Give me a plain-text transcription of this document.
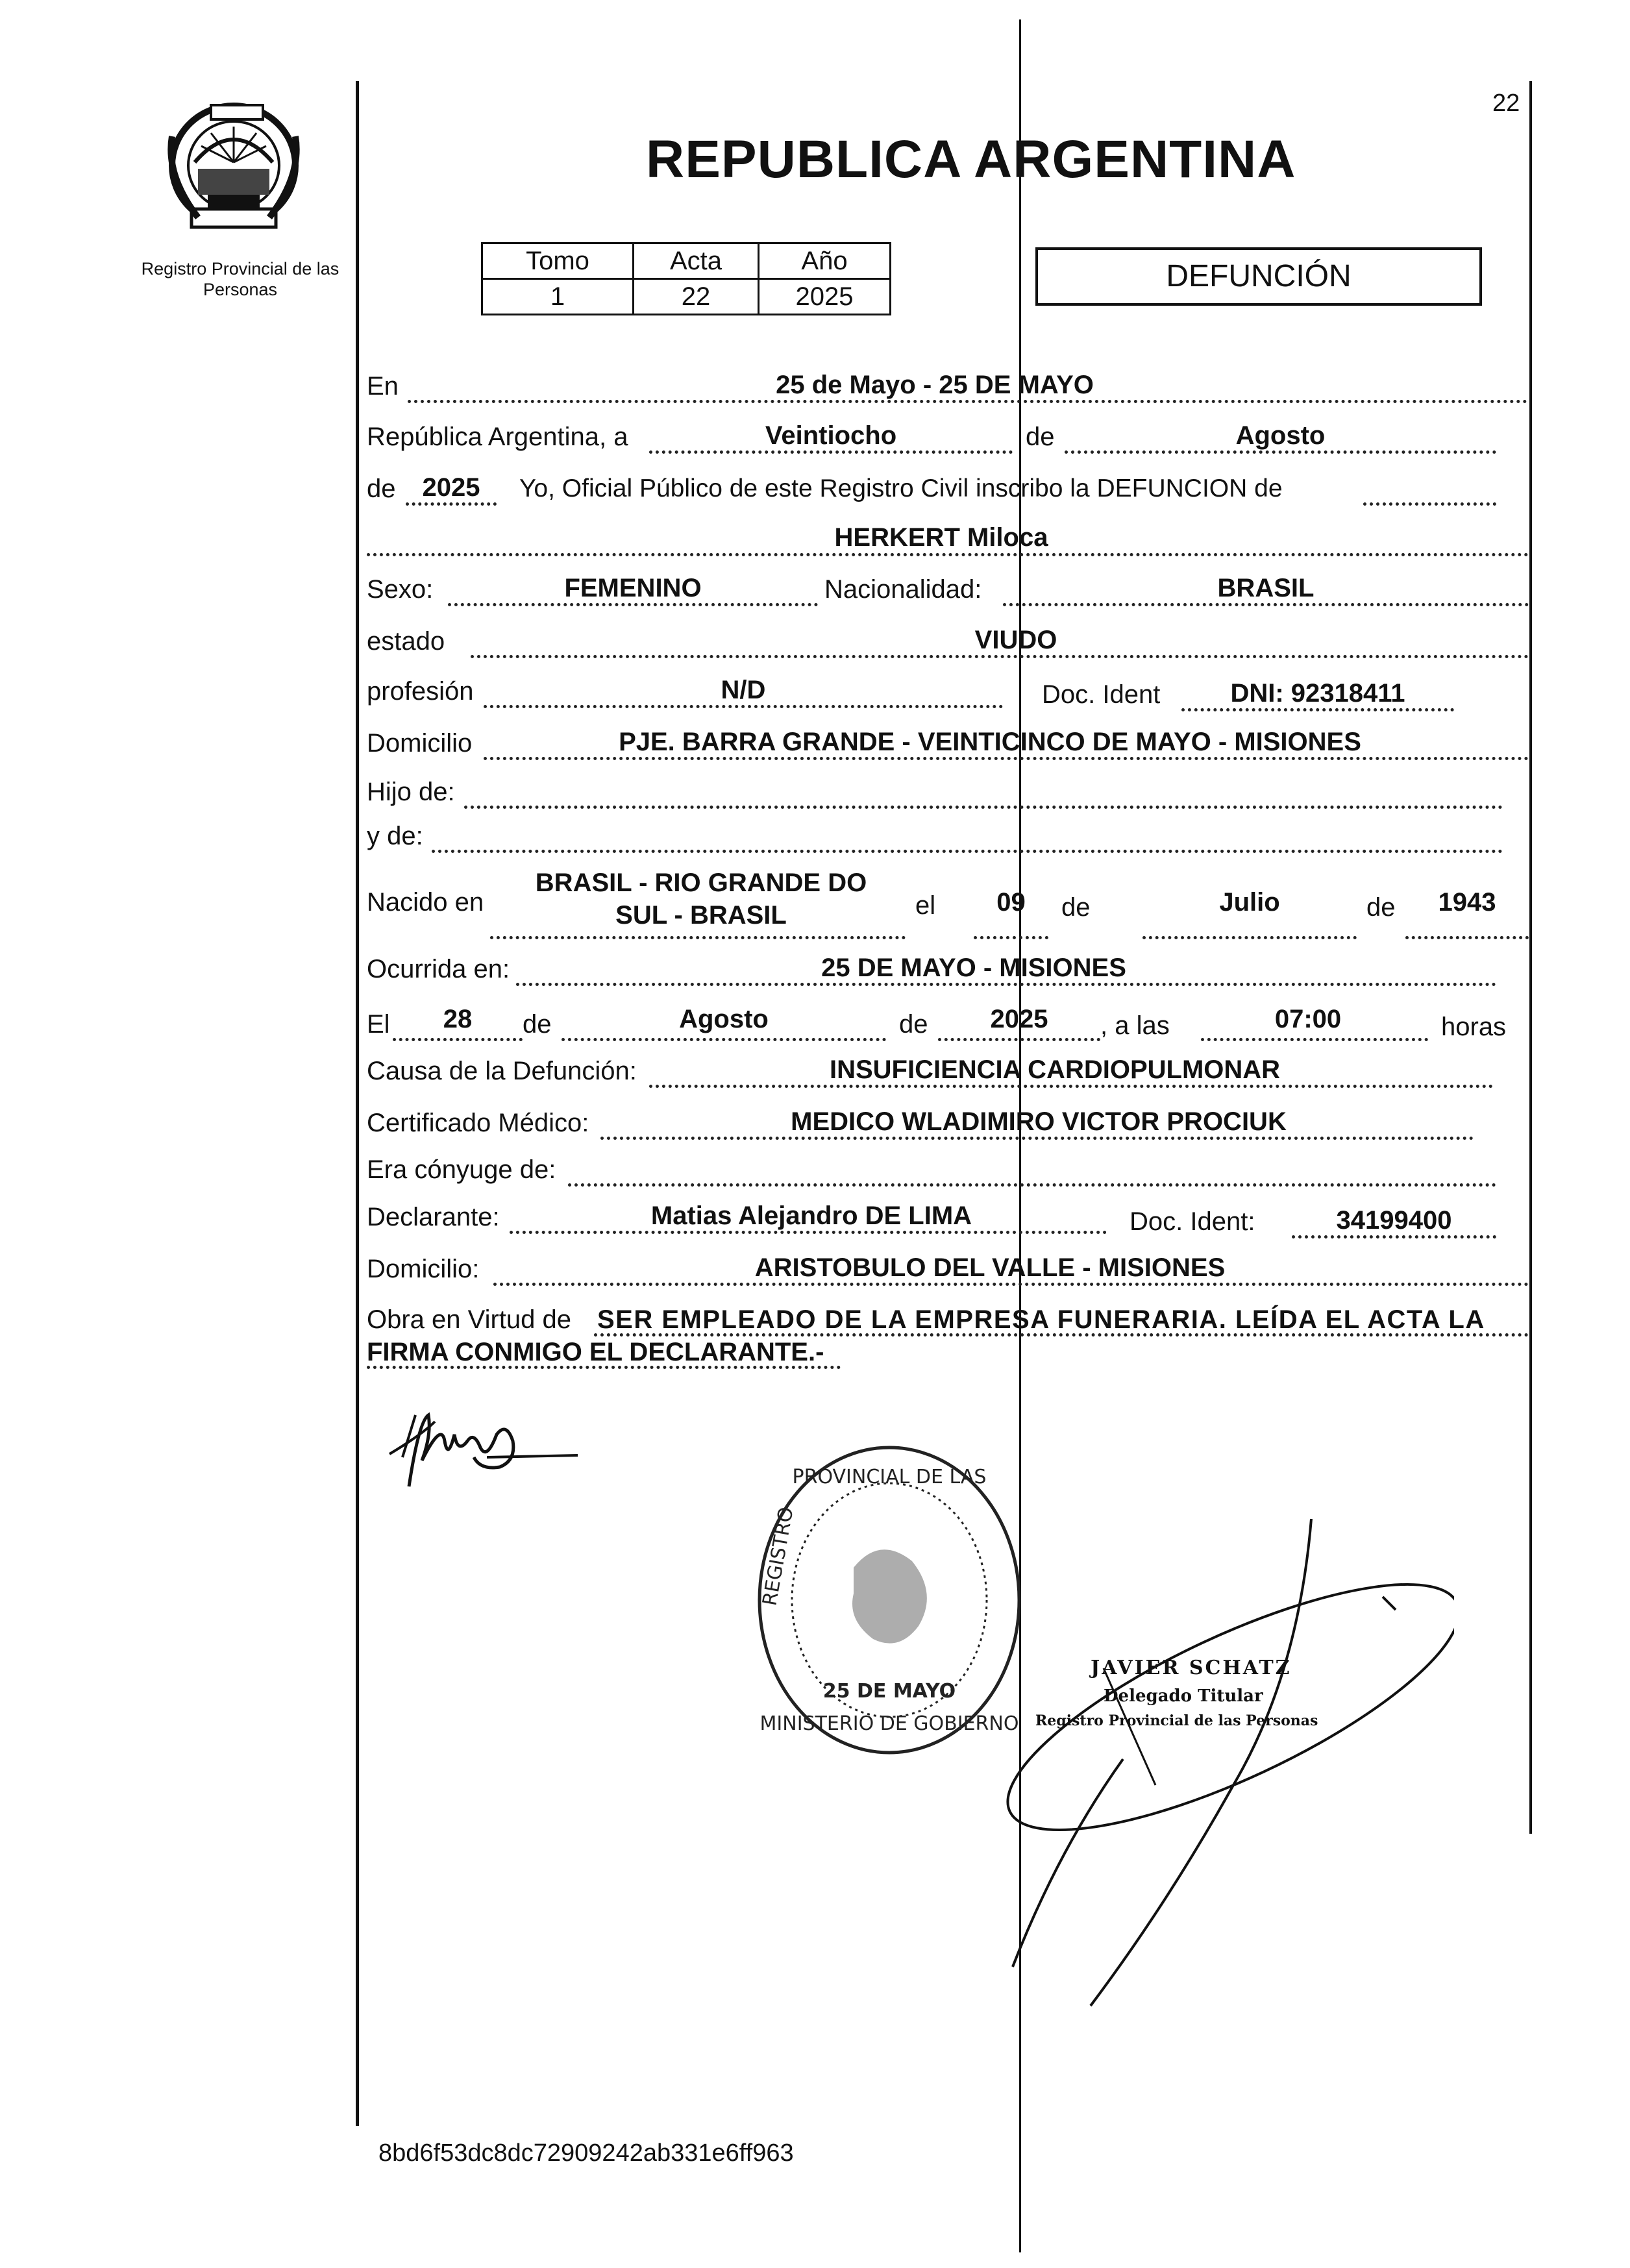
Registro Provincial de las Personas
22
REPUBLICA ARGENTINA
Tomo	Acta	Año
1	22	2025
DEFUNCIÓN
En	25 de Mayo - 25 DE MAYO
República Argentina, a	Veintiocho	de	Agosto
de	2025	Yo, Oficial Público de este Registro Civil inscribo la DEFUNCION de
HERKERT Miloca
Sexo:	FEMENINO	Nacionalidad:	BRASIL
estado	VIUDO
profesión	N/D	Doc. Ident	DNI: 92318411
Domicilio	PJE. BARRA GRANDE - VEINTICINCO DE MAYO - MISIONES
Hijo de:
y de:
Nacido en
BRASIL - RIO GRANDE DO SUL - BRASIL	el	09	de	Julio	de	1943
Ocurrida en:	25 DE MAYO - MISIONES
El	28	de	Agosto	de	2025	, a las	07:00	horas
Causa de la Defunción:	INSUFICIENCIA CARDIOPULMONAR
Certificado Médico:	MEDICO WLADIMIRO VICTOR PROCIUK
Era cónyuge de:
Declarante:	Matias Alejandro DE LIMA	Doc. Ident:	34199400
Domicilio:	ARISTOBULO DEL VALLE - MISIONES
Obra en Virtud de SER EMPLEADO DE LA EMPRESA FUNERARIA. LEÍDA EL ACTA LA
FIRMA CONMIGO EL DECLARANTE.-
PROVINCIAL DE LAS
MINISTERIO DE GOBIERNO
25 DE MAYO
REGISTRO
JAVIER SCHATZ
Delegado Titular
Registro Provincial de las Personas
8bd6f53dc8dc72909242ab331e6ff963
